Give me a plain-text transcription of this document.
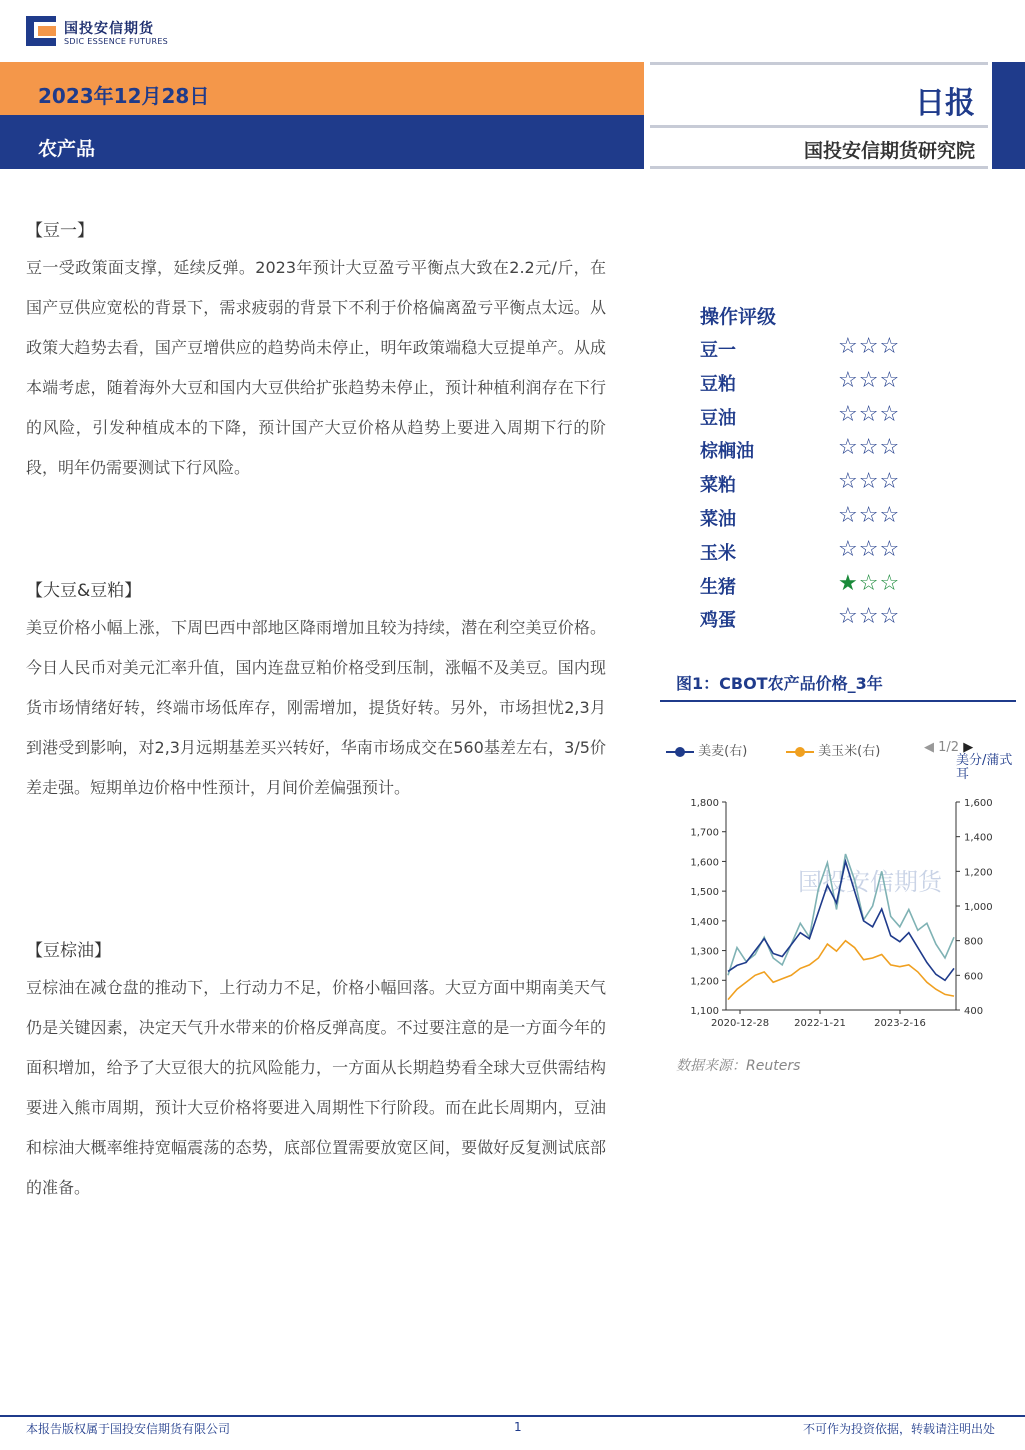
国投安信期货
SDIC ESSENCE FUTURES
2023年12月28日
农产品
日报
国投安信期货研究院
【豆一】
豆一受政策面支撑，延续反弹。2023年预计大豆盈亏平衡点大致在2.2元/斤，在国产豆供应宽松的背景下，需求疲弱的背景下不利于价格偏离盈亏平衡点太远。从政策大趋势去看，国产豆增供应的趋势尚未停止，明年政策端稳大豆提单产。从成本端考虑，随着海外大豆和国内大豆供给扩张趋势未停止，预计种植利润存在下行的风险，引发种植成本的下降，预计国产大豆价格从趋势上要进入周期下行的阶段，明年仍需要测试下行风险。
【大豆&豆粕】
美豆价格小幅上涨，下周巴西中部地区降雨增加且较为持续，潜在利空美豆价格。今日人民币对美元汇率升值，国内连盘豆粕价格受到压制，涨幅不及美豆。国内现货市场情绪好转，终端市场低库存，刚需增加，提货好转。另外，市场担忧2,3月到港受到影响，对2,3月远期基差买兴转好，华南市场成交在560基差左右，3/5价差走强。短期单边价格中性预计，月间价差偏强预计。
【豆棕油】
豆棕油在减仓盘的推动下，上行动力不足，价格小幅回落。大豆方面中期南美天气仍是关键因素，决定天气升水带来的价格反弹高度。不过要注意的是一方面今年的面积增加，给予了大豆很大的抗风险能力，一方面从长期趋势看全球大豆供需结构要进入熊市周期，预计大豆价格将要进入周期性下行阶段。而在此长周期内，豆油和棕油大概率维持宽幅震荡的态势，底部位置需要放宽区间，要做好反复测试底部的准备。
操作评级
豆一	☆☆☆
豆粕	☆☆☆
豆油	☆☆☆
棕榈油	☆☆☆
菜粕	☆☆☆
菜油	☆☆☆
玉米	☆☆☆
生猪	★☆☆
鸡蛋	☆☆☆
图1：CBOT农产品价格_3年
美麦(右)	美玉米(右)	◀ 1/2 ▶
美分/蒲式耳
国投安信期货
1,800
1,700
1,600
1,500
1,400
1,300
1,200
1,100
1,600
1,400
1,200
1,000
800
600
400
2020-12-28	2022-1-21	2023-2-16
数据来源：Reuters
本报告版权属于国投安信期货有限公司	1	不可作为投资依据，转载请注明出处
